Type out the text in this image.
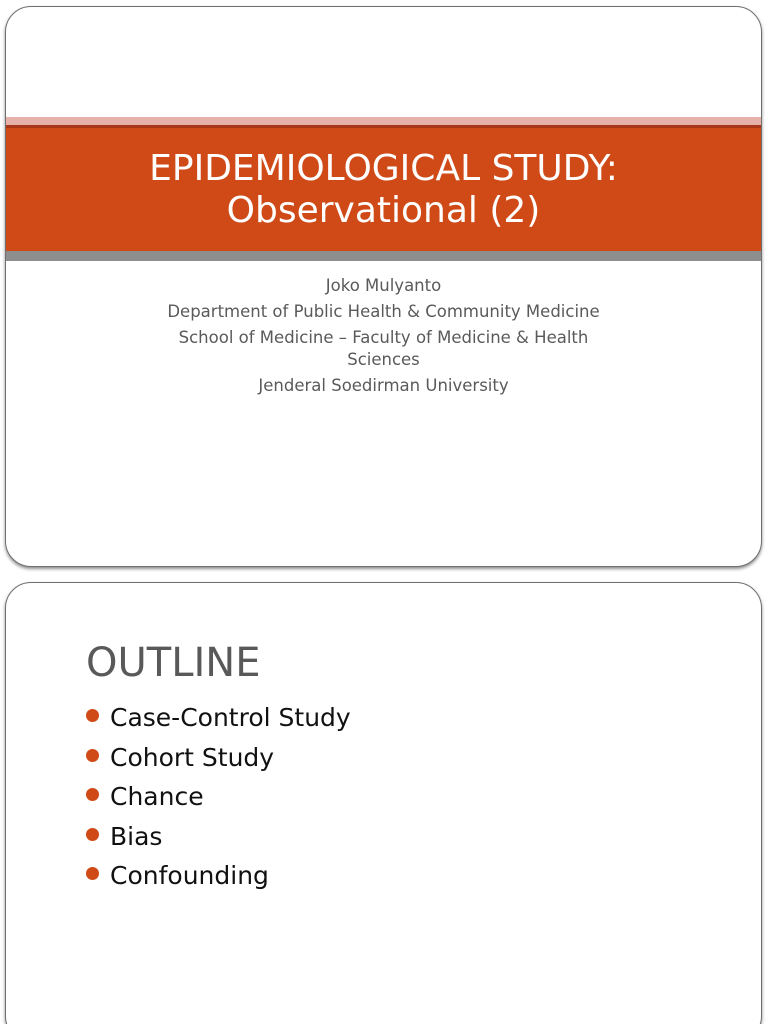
EPIDEMIOLOGICAL STUDY:
Observational (2)
Joko Mulyanto
Department of Public Health & Community Medicine
School of Medicine – Faculty of Medicine & Health
Sciences
Jenderal Soedirman University
OUTLINE
Case-Control Study
Cohort Study
Chance
Bias
Confounding
